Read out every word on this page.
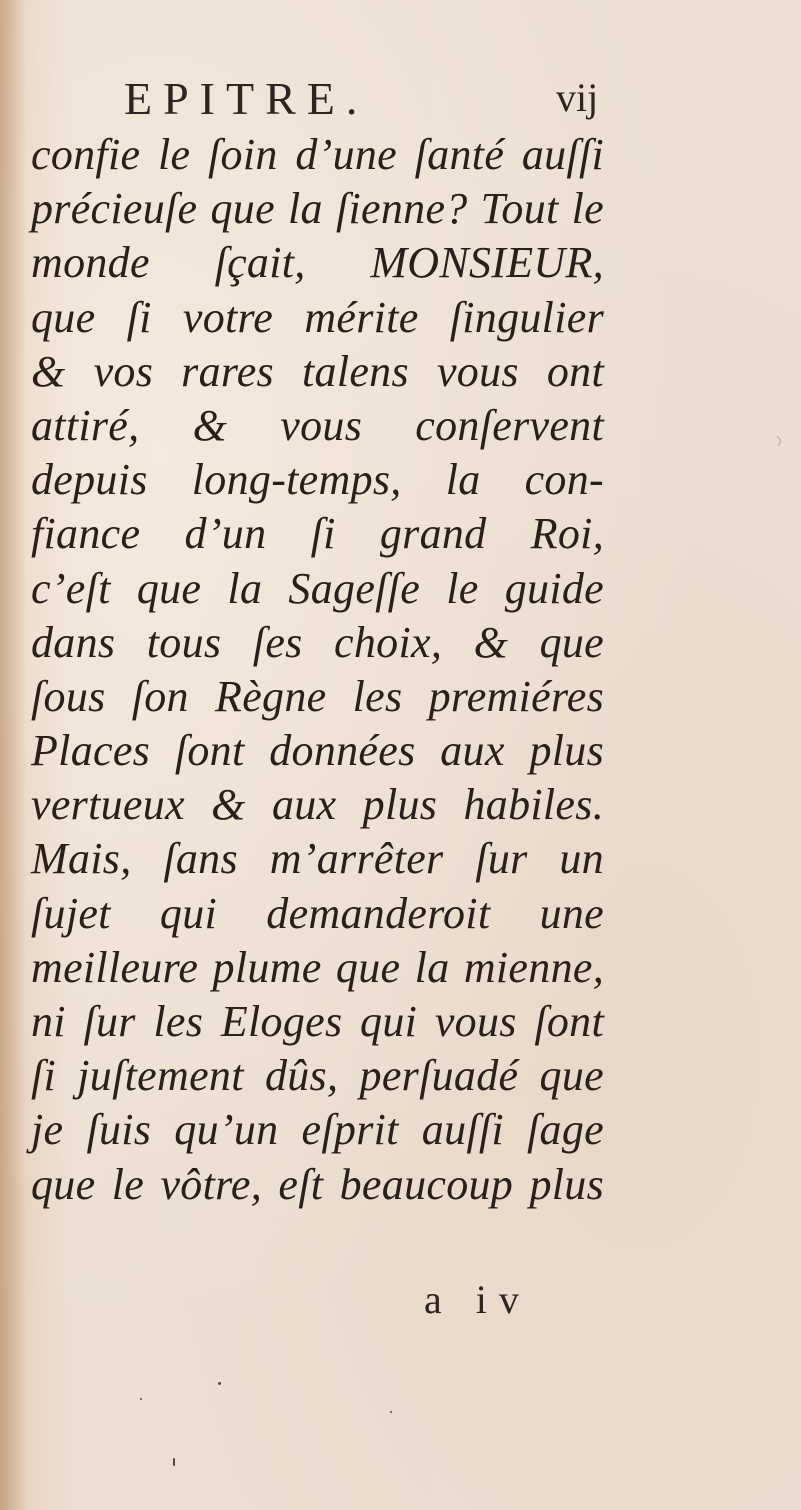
EPITRE.	vij
confie le ſoin d’une ſanté auſſi
précieuſe que la ſienne? Tout le
monde ſçait, MONSIEUR,
que ſi votre mérite ſingulier
& vos rares talens vous ont
attiré, & vous conſervent
depuis long-temps, la con-
fiance d’un ſi grand Roi,
c’eſt que la Sageſſe le guide
dans tous ſes choix, & que
ſous ſon Règne les premiéres
Places ſont données aux plus
vertueux & aux plus habiles.
Mais, ſans m’arrêter ſur un
ſujet qui demanderoit une
meilleure plume que la mienne,
ni ſur les Eloges qui vous ſont
ſi juſtement dûs, perſuadé que
je ſuis qu’un eſprit auſſi ſage
que le vôtre, eſt beaucoup plus
a iv
